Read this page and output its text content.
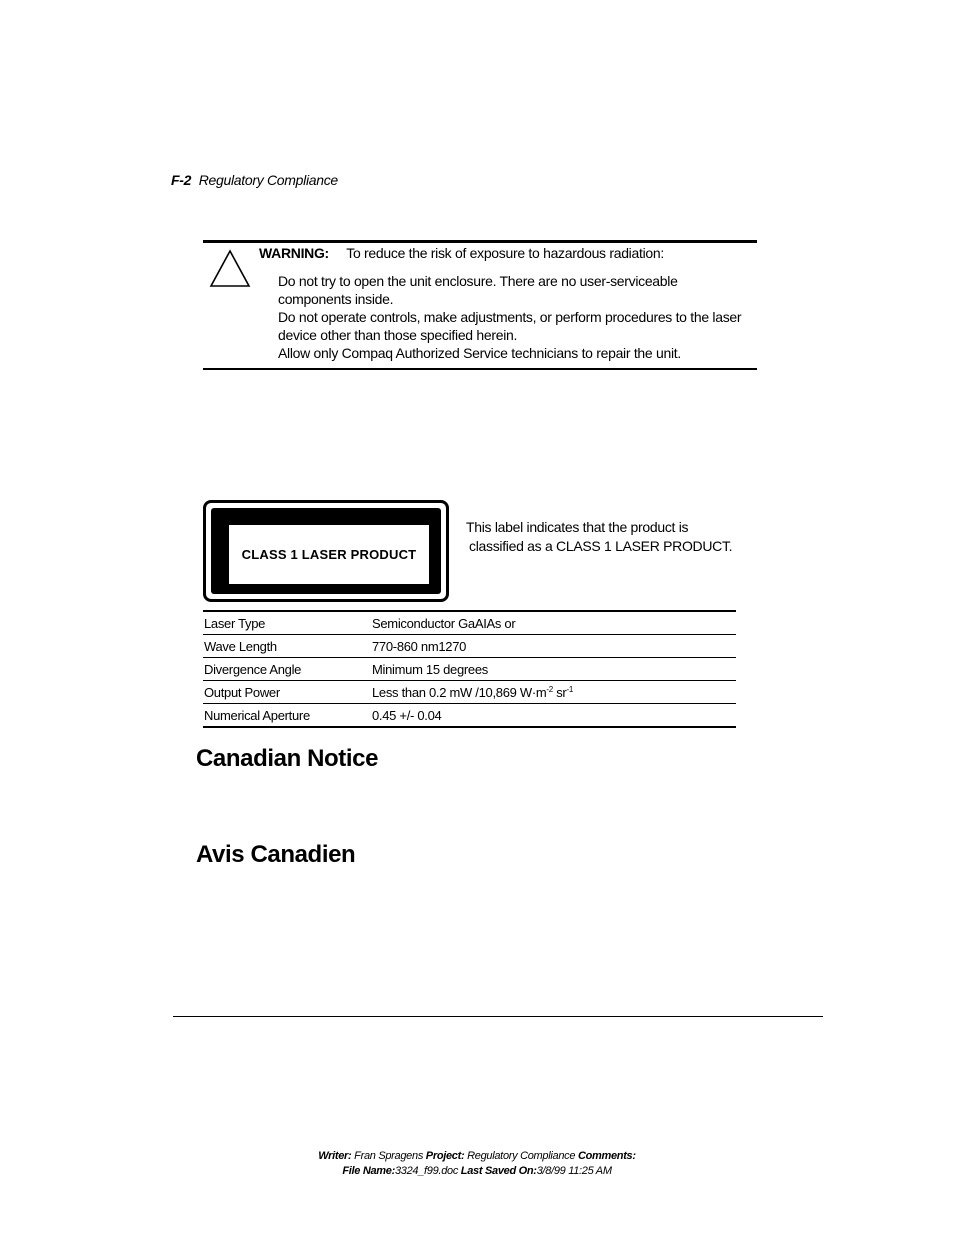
F-2 Regulatory Compliance
WARNING: To reduce the risk of exposure to hazardous radiation:

Do not try to open the unit enclosure. There are no user-serviceable components inside.

Do not operate controls, make adjustments, or perform procedures to the laser device other than those specified herein.

Allow only Compaq Authorized Service technicians to repair the unit.

CLASS 1 LASER PRODUCT

This label indicates that the product is

classified as a CLASS 1 LASER PRODUCT.

Laser Type	Semiconductor GaAIAs or
Wave Length	770-860 nm1270
Divergence Angle	Minimum 15 degrees
Output Power	Less than 0.2 mW /10,869 $W\cdot m^{-2}$ $sr^{-1}$
Numerical Aperture	0.45 +/- 0.04
Canadian Notice
Avis Canadien
Writer: Fran Spragens Project: Regulatory Compliance Comments:
File Name:3324_f99.doc Last Saved On:3/8/99 11:25 AM
